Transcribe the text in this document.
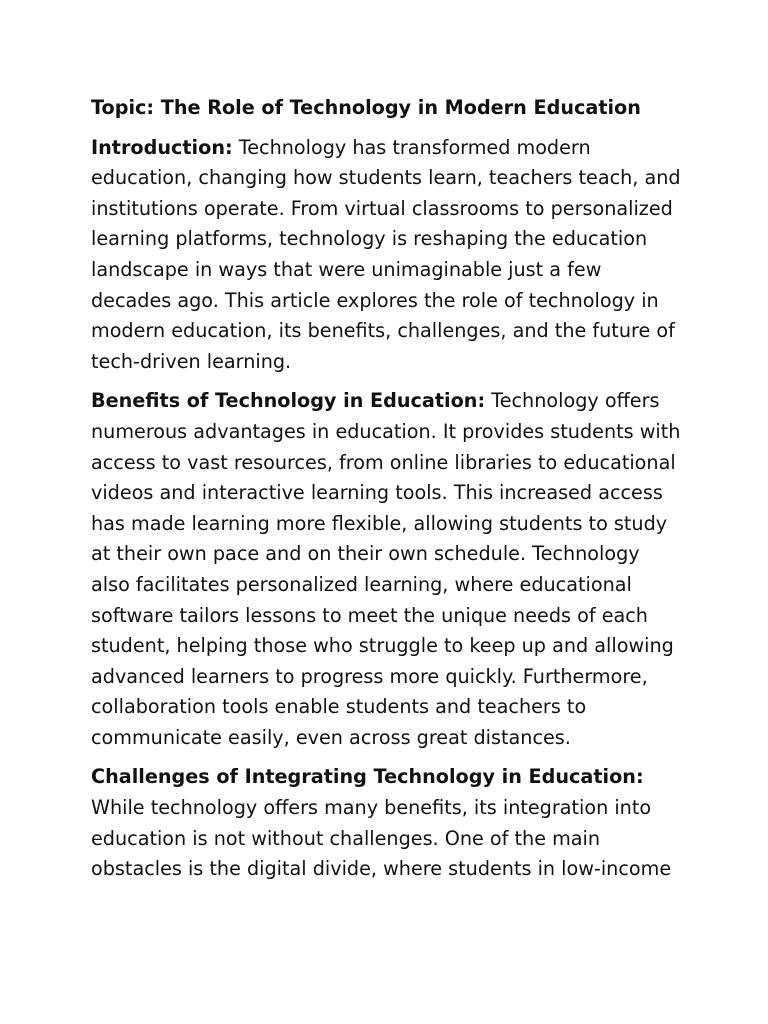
Topic: The Role of Technology in Modern Education

Introduction: Technology has transformed modern education, changing how students learn, teachers teach, and institutions operate. From virtual classrooms to personalized learning platforms, technology is reshaping the education landscape in ways that were unimaginable just a few decades ago. This article explores the role of technology in modern education, its benefits, challenges, and the future of tech-driven learning.

Benefits of Technology in Education: Technology offers numerous advantages in education. It provides students with access to vast resources, from online libraries to educational videos and interactive learning tools. This increased access has made learning more flexible, allowing students to study at their own pace and on their own schedule. Technology also facilitates personalized learning, where educational software tailors lessons to meet the unique needs of each student, helping those who struggle to keep up and allowing advanced learners to progress more quickly. Furthermore, collaboration tools enable students and teachers to communicate easily, even across great distances.

Challenges of Integrating Technology in Education: While technology offers many benefits, its integration into education is not without challenges. One of the main obstacles is the digital divide, where students in low-income
